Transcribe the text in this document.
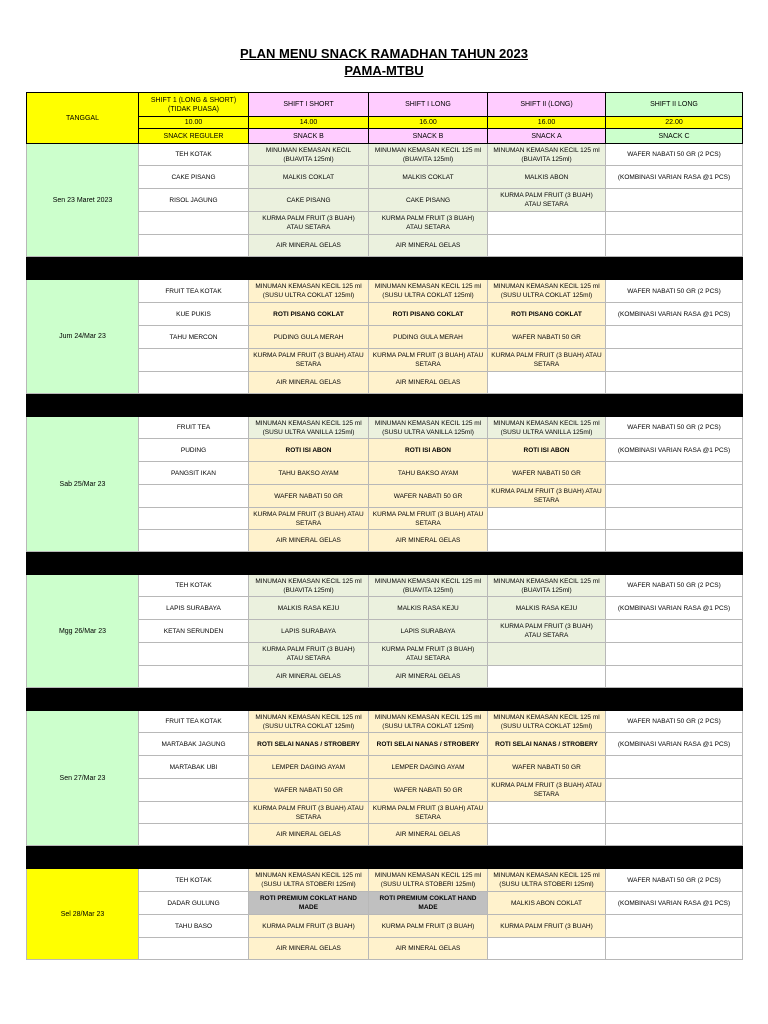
PLAN MENU SNACK RAMADHAN TAHUN 2023
PAMA-MTBU
TANGGAL	SHIFT 1 (LONG & SHORT)
(TIDAK PUASA)	SHIFT I SHORT	SHIFT I LONG	SHIFT II (LONG)	SHIFT II LONG
	10.00	14.00	16.00	16.00	22.00
	SNACK REGULER	SNACK B	SNACK B	SNACK A	SNACK C
Sen 23 Maret 2023	TEH KOTAK	MINUMAN KEMASAN KECIL
(BUAVITA 125ml)	MINUMAN KEMASAN KECIL 125 ml
(BUAVITA 125ml)	MINUMAN KEMASAN KECIL 125 ml
(BUAVITA 125ml)	WAFER NABATI 50 GR (2 PCS)
	CAKE PISANG	MALKIS COKLAT	MALKIS COKLAT	MALKIS ABON	(KOMBINASI VARIAN RASA @1 PCS)
	RISOL JAGUNG	CAKE PISANG	CAKE PISANG	KURMA PALM FRUIT (3 BUAH)
ATAU SETARA	
		KURMA PALM FRUIT (3 BUAH)
ATAU SETARA	KURMA PALM FRUIT (3 BUAH)
ATAU SETARA		
		AIR MINERAL GELAS	AIR MINERAL GELAS		

Jum 24/Mar 23	FRUIT TEA KOTAK	MINUMAN KEMASAN KECIL 125 ml
(SUSU ULTRA COKLAT 125ml)	MINUMAN KEMASAN KECIL 125 ml
(SUSU ULTRA COKLAT 125ml)	MINUMAN KEMASAN KECIL 125 ml
(SUSU ULTRA COKLAT 125ml)	WAFER NABATI 50 GR (2 PCS)
	KUE PUKIS	ROTI PISANG COKLAT	ROTI PISANG COKLAT	ROTI PISANG COKLAT	(KOMBINASI VARIAN RASA @1 PCS)
	TAHU MERCON	PUDING GULA MERAH	PUDING GULA MERAH	WAFER NABATI 50 GR	
		KURMA PALM FRUIT (3 BUAH) ATAU
SETARA	KURMA PALM FRUIT (3 BUAH) ATAU
SETARA	KURMA PALM FRUIT (3 BUAH) ATAU
SETARA	
		AIR MINERAL GELAS	AIR MINERAL GELAS		

Sab 25/Mar 23	FRUIT TEA	MINUMAN KEMASAN KECIL 125 ml
(SUSU ULTRA VANILLA 125ml)	MINUMAN KEMASAN KECIL 125 ml
(SUSU ULTRA VANILLA 125ml)	MINUMAN KEMASAN KECIL 125 ml
(SUSU ULTRA VANILLA 125ml)	WAFER NABATI 50 GR (2 PCS)
	PUDING	ROTI ISI ABON	ROTI ISI ABON	ROTI ISI ABON	(KOMBINASI VARIAN RASA @1 PCS)
	PANGSIT IKAN	TAHU BAKSO AYAM	TAHU BAKSO AYAM	WAFER NABATI 50 GR	
		WAFER NABATI 50 GR	WAFER NABATI 50 GR	KURMA PALM FRUIT (3 BUAH) ATAU
SETARA	
		KURMA PALM FRUIT (3 BUAH) ATAU
SETARA	KURMA PALM FRUIT (3 BUAH) ATAU
SETARA		
		AIR MINERAL GELAS	AIR MINERAL GELAS		

Mgg 26/Mar 23	TEH KOTAK	MINUMAN KEMASAN KECIL 125 ml
(BUAVITA 125ml)	MINUMAN KEMASAN KECIL 125 ml
(BUAVITA 125ml)	MINUMAN KEMASAN KECIL 125 ml
(BUAVITA 125ml)	WAFER NABATI 50 GR (2 PCS)
	LAPIS SURABAYA	MALKIS RASA KEJU	MALKIS RASA KEJU	MALKIS RASA KEJU	(KOMBINASI VARIAN RASA @1 PCS)
	KETAN SERUNDEN	LAPIS SURABAYA	LAPIS SURABAYA	KURMA PALM FRUIT (3 BUAH)
ATAU SETARA	
		KURMA PALM FRUIT (3 BUAH)
ATAU SETARA	KURMA PALM FRUIT (3 BUAH)
ATAU SETARA		
		AIR MINERAL GELAS	AIR MINERAL GELAS		

Sen 27/Mar 23	FRUIT TEA KOTAK	MINUMAN KEMASAN KECIL 125 ml
(SUSU ULTRA COKLAT 125ml)	MINUMAN KEMASAN KECIL 125 ml
(SUSU ULTRA COKLAT 125ml)	MINUMAN KEMASAN KECIL 125 ml
(SUSU ULTRA COKLAT 125ml)	WAFER NABATI 50 GR (2 PCS)
	MARTABAK JAGUNG	ROTI SELAI NANAS / STROBERY	ROTI SELAI NANAS / STROBERY	ROTI SELAI NANAS / STROBERY	(KOMBINASI VARIAN RASA @1 PCS)
	MARTABAK UBI	LEMPER DAGING AYAM	LEMPER DAGING AYAM	WAFER NABATI 50 GR	
		WAFER NABATI 50 GR	WAFER NABATI 50 GR	KURMA PALM FRUIT (3 BUAH) ATAU
SETARA	
		KURMA PALM FRUIT (3 BUAH) ATAU
SETARA	KURMA PALM FRUIT (3 BUAH) ATAU
SETARA		
		AIR MINERAL GELAS	AIR MINERAL GELAS		

Sel 28/Mar 23	TEH KOTAK	MINUMAN KEMASAN KECIL 125 ml
(SUSU ULTRA STOBERI 125ml)	MINUMAN KEMASAN KECIL 125 ml
(SUSU ULTRA STOBERI 125ml)	MINUMAN KEMASAN KECIL 125 ml
(SUSU ULTRA STOBERI 125ml)	WAFER NABATI 50 GR (2 PCS)
	DADAR GULUNG	ROTI PREMIUM COKLAT HAND
MADE	ROTI PREMIUM COKLAT HAND
MADE	MALKIS ABON COKLAT	(KOMBINASI VARIAN RASA @1 PCS)
	TAHU BASO	KURMA PALM FRUIT (3 BUAH)	KURMA PALM FRUIT (3 BUAH)	KURMA PALM FRUIT (3 BUAH)	
		AIR MINERAL GELAS	AIR MINERAL GELAS		
